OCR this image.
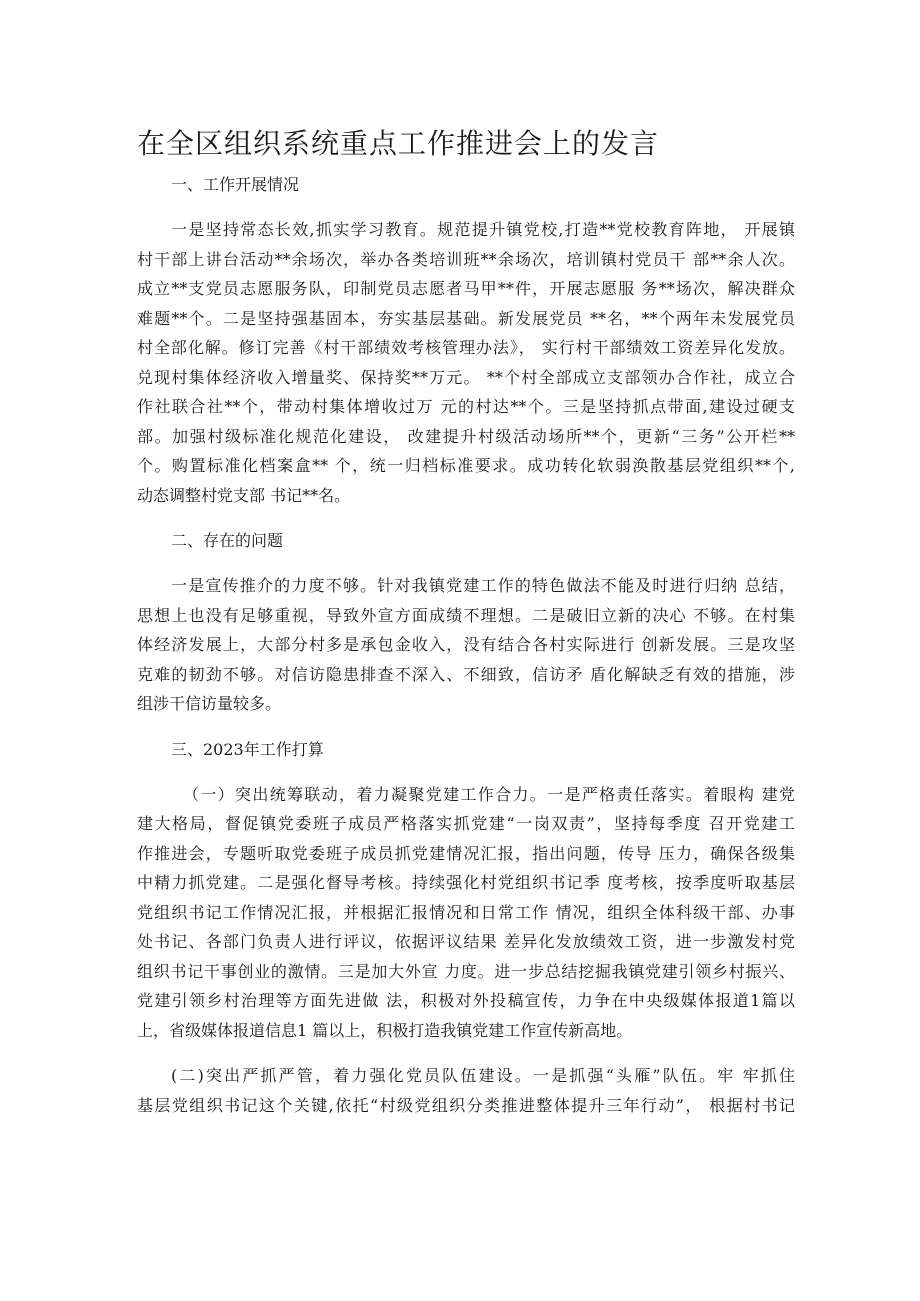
在全区组织系统重点工作推进会上的发言
一、工作开展情况
一是坚持常态长效,抓实学习教育。规范提升镇党校,打造**党校教育阵地， 开展镇
村干部上讲台活动**余场次，举办各类培训班**余场次，培训镇村党员干 部**余人次。
成立**支党员志愿服务队，印制党员志愿者马甲**件，开展志愿服 务**场次，解决群众
难题**个。二是坚持强基固本，夯实基层基础。新发展党员 **名，**个两年未发展党员
村全部化解。修订完善《村干部绩效考核管理办法》， 实行村干部绩效工资差异化发放。
兑现村集体经济收入增量奖、保持奖**万元。 **个村全部成立支部领办合作社，成立合
作社联合社**个，带动村集体增收过万 元的村达**个。三是坚持抓点带面,建设过硬支
部。加强村级标准化规范化建设， 改建提升村级活动场所**个，更新“三务”公开栏**
个。购置标准化档案盒** 个，统一归档标准要求。成功转化软弱涣散基层党组织**个,
动态调整村党支部 书记**名。
二、存在的问题
一是宣传推介的力度不够。针对我镇党建工作的特色做法不能及时进行归纳 总结，
思想上也没有足够重视，导致外宣方面成绩不理想。二是破旧立新的决心 不够。在村集
体经济发展上，大部分村多是承包金收入，没有结合各村实际进行 创新发展。三是攻坚
克难的韧劲不够。对信访隐患排查不深入、不细致，信访矛 盾化解缺乏有效的措施，涉
组涉干信访量较多。
三、2023年工作打算
（一）突出统筹联动，着力凝聚党建工作合力。一是严格责任落实。着眼构 建党
建大格局，督促镇党委班子成员严格落实抓党建“一岗双责”，坚持每季度 召开党建工
作推进会，专题听取党委班子成员抓党建情况汇报，指出问题，传导 压力，确保各级集
中精力抓党建。二是强化督导考核。持续强化村党组织书记季 度考核，按季度听取基层
党组织书记工作情况汇报，并根据汇报情况和日常工作 情况，组织全体科级干部、办事
处书记、各部门负责人进行评议，依据评议结果 差异化发放绩效工资，进一步激发村党
组织书记干事创业的激情。三是加大外宣 力度。进一步总结挖掘我镇党建引领乡村振兴、
党建引领乡村治理等方面先进做 法，积极对外投稿宣传，力争在中央级媒体报道1篇以
上，省级媒体报道信息1 篇以上，积极打造我镇党建工作宣传新高地。
(二)突出严抓严管，着力强化党员队伍建设。一是抓强“头雁”队伍。牢 牢抓住
基层党组织书记这个关键,依托“村级党组织分类推进整体提升三年行动”， 根据村书记
